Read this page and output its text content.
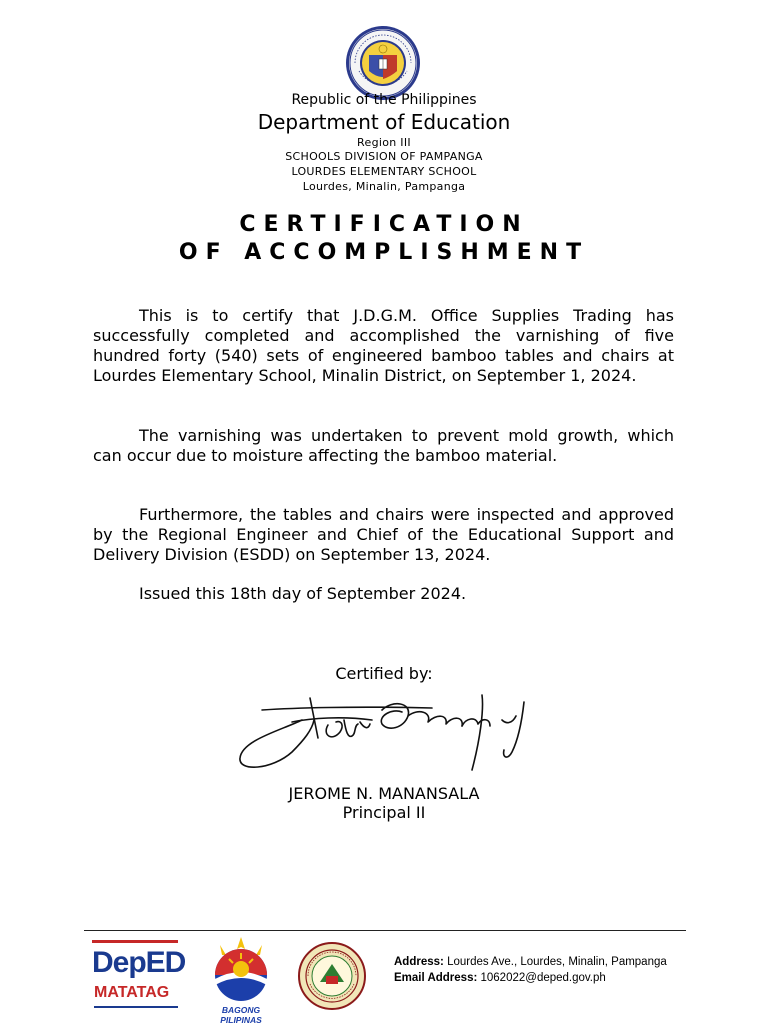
Republic of the Philippines
Department of Education
Region III
SCHOOLS DIVISION OF PAMPANGA
LOURDES ELEMENTARY SCHOOL
Lourdes, Minalin, Pampanga
CERTIFICATION
OF ACCOMPLISHMENT
This is to certify that J.D.G.M. Office Supplies Trading has successfully completed and accomplished the varnishing of five hundred forty (540) sets of engineered bamboo tables and chairs at Lourdes Elementary School, Minalin District, on September 1, 2024.
The varnishing was undertaken to prevent mold growth, which can occur due to moisture affecting the bamboo material.
Furthermore, the tables and chairs were inspected and approved by the Regional Engineer and Chief of the Educational Support and Delivery Division (ESDD) on September 13, 2024.
Issued this 18th day of September 2024.
Certified by:
JEROME N. MANANSALA
Principal II
DepED
MATATAG
BAGONG PILIPINAS
Address: Lourdes Ave., Lourdes, Minalin, Pampanga
Email Address: 1062022@deped.gov.ph
